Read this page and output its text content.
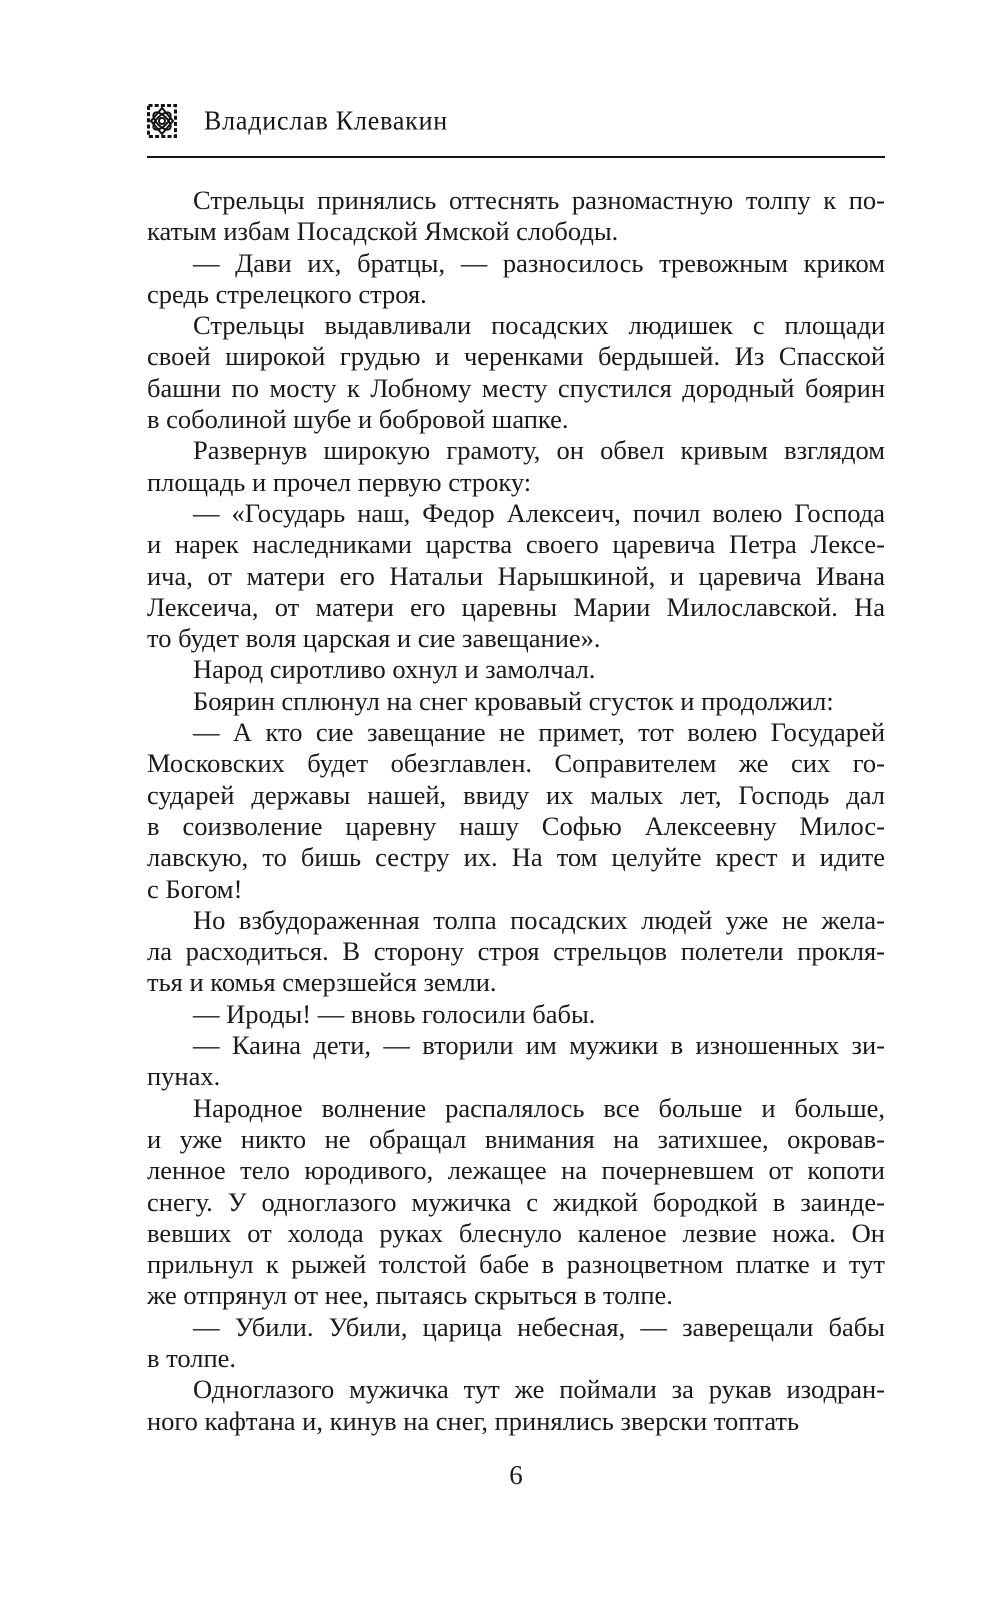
Владислав Клевакин
Стрельцы принялись оттеснять разномастную толпу к по-
катым избам Посадской Ямской слободы.
— Дави их, братцы, — разносилось тревожным криком
средь стрелецкого строя.
Стрельцы выдавливали посадских людишек с площади
своей широкой грудью и черенками бердышей. Из Спасской
башни по мосту к Лобному месту спустился дородный боярин
в соболиной шубе и бобровой шапке.
Развернув широкую грамоту, он обвел кривым взглядом
площадь и прочел первую строку:
— «Государь наш, Федор Алексеич, почил волею Господа
и нарек наследниками царства своего царевича Петра Лексе-
ича, от матери его Натальи Нарышкиной, и царевича Ивана
Лексеича, от матери его царевны Марии Милославской. На
то будет воля царская и сие завещание».
Народ сиротливо охнул и замолчал.
Боярин сплюнул на снег кровавый сгусток и продолжил:
— А кто сие завещание не примет, тот волею Государей
Московских будет обезглавлен. Соправителем же сих го-
сударей державы нашей, ввиду их малых лет, Господь дал
в соизволение царевну нашу Софью Алексеевну Милос-
лавскую, то бишь сестру их. На том целуйте крест и идите
с Богом!
Но взбудораженная толпа посадских людей уже не жела-
ла расходиться. В сторону строя стрельцов полетели прокля-
тья и комья смерзшейся земли.
— Ироды! — вновь голосили бабы.
— Каина дети, — вторили им мужики в изношенных зи-
пунах.
Народное волнение распалялось все больше и больше,
и уже никто не обращал внимания на затихшее, окровав-
ленное тело юродивого, лежащее на почерневшем от копоти
снегу. У одноглазого мужичка с жидкой бородкой в заинде-
вевших от холода руках блеснуло каленое лезвие ножа. Он
прильнул к рыжей толстой бабе в разноцветном платке и тут
же отпрянул от нее, пытаясь скрыться в толпе.
— Убили. Убили, царица небесная, — заверещали бабы
в толпе.
Одноглазого мужичка тут же поймали за рукав изодран-
ного кафтана и, кинув на снег, принялись зверски топтать
6
